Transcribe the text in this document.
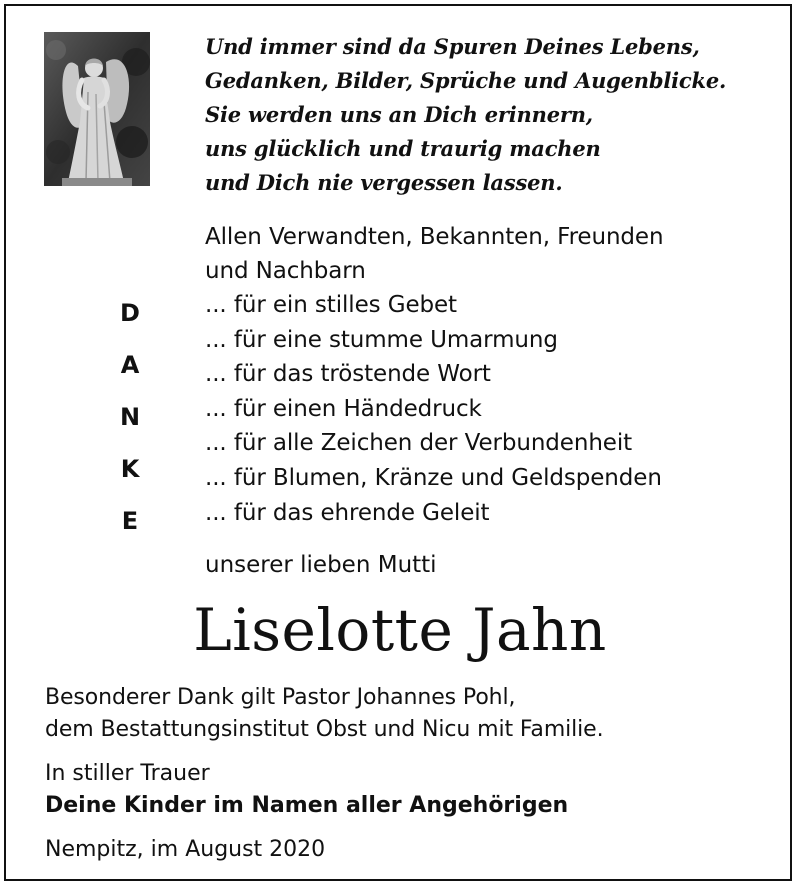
Und immer sind da Spuren Deines Lebens,
Gedanken, Bilder, Sprüche und Augenblicke.
Sie werden uns an Dich erinnern,
uns glücklich und traurig machen
und Dich nie vergessen lassen.
Allen Verwandten, Bekannten, Freunden
und Nachbarn
D
A
N
K
E
... für ein stilles Gebet
... für eine stumme Umarmung
... für das tröstende Wort
... für einen Händedruck
... für alle Zeichen der Verbundenheit
... für Blumen, Kränze und Geldspenden
... für das ehrende Geleit
unserer lieben Mutti
Liselotte Jahn
Besonderer Dank gilt Pastor Johannes Pohl,
dem Bestattungsinstitut Obst und Nicu mit Familie.
In stiller Trauer
Deine Kinder im Namen aller Angehörigen
Nempitz, im August 2020
